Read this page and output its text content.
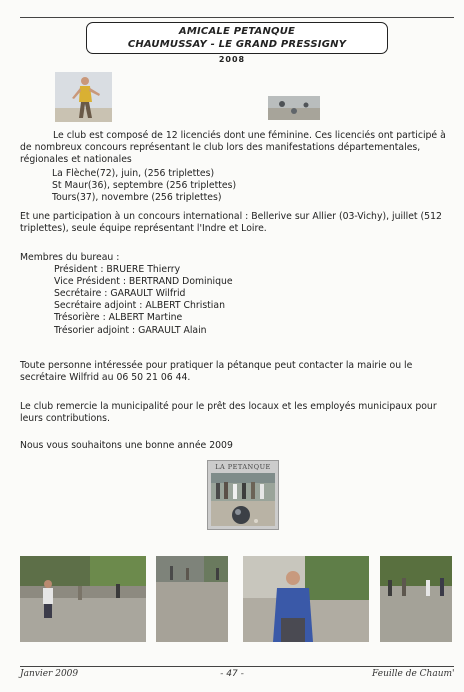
AMICALE PETANQUE
CHAUMUSSAY - LE GRAND PRESSIGNY
2008

Le club est composé de 12 licenciés dont une féminine. Ces licenciés ont participé à de nombreux concours représentant le club lors des manifestations départementales, régionales et nationales

La Flèche(72), juin, (256 triplettes)

St Maur(36), septembre (256 triplettes)

Tours(37), novembre (256 triplettes)

Et une participation à un concours international : Bellerive sur Allier (03-Vichy), juillet (512 triplettes), seule équipe représentant l'Indre et Loire.

Membres du bureau :

Président : BRUERE Thierry

Vice Président : BERTRAND Dominique

Secrétaire : GARAULT Wilfrid

Secrétaire adjoint : ALBERT Christian

Trésorière : ALBERT Martine

Trésorier adjoint : GARAULT Alain

Toute personne intéressée pour pratiquer la pétanque peut contacter la mairie ou le secrétaire Wilfrid au 06 50 21 06 44.

Le club remercie la municipalité pour le prêt des locaux et les employés municipaux pour leurs contributions.

Nous vous souhaitons une bonne année 2009

LA PETANQUE
Janvier 2009	- 47 -	Feuille de Chaum'
